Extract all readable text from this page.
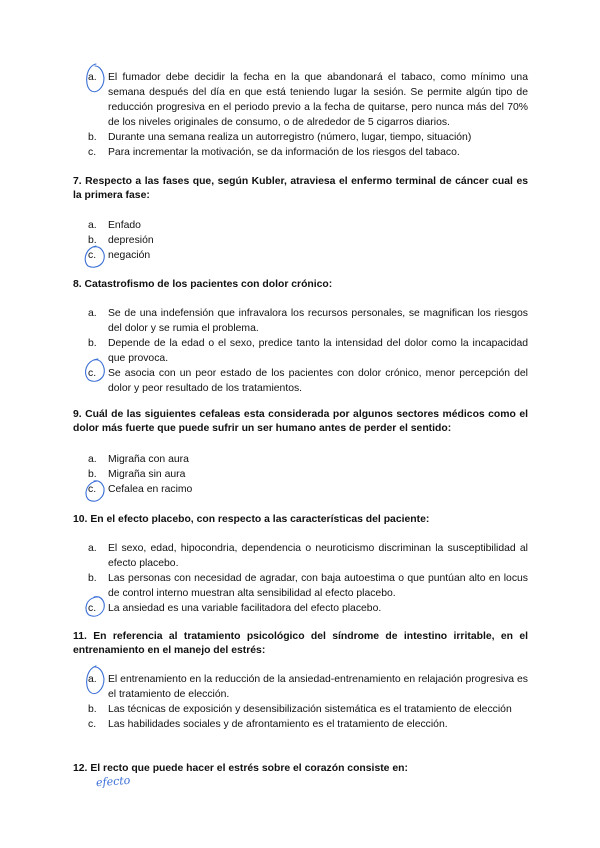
a. El fumador debe decidir la fecha en la que abandonará el tabaco, como mínimo una semana después del día en que está teniendo lugar la sesión. Se permite algún tipo de reducción progresiva en el periodo previo a la fecha de quitarse, pero nunca más del 70% de los niveles originales de consumo, o de alrededor de 5 cigarros diarios.
b. Durante una semana realiza un autorregistro (número, lugar, tiempo, situación)
c. Para incrementar la motivación, se da información de los riesgos del tabaco.
7. Respecto a las fases que, según Kubler, atraviesa el enfermo terminal de cáncer cual es la primera fase:
a. Enfado
b. depresión
c. negación
8. Catastrofismo de los pacientes con dolor crónico:
a. Se de una indefensión que infravalora los recursos personales, se magnifican los riesgos del dolor y se rumia el problema.
b. Depende de la edad o el sexo, predice tanto la intensidad del dolor como la incapacidad que provoca.
c. Se asocia con un peor estado de los pacientes con dolor crónico, menor percepción del dolor y peor resultado de los tratamientos.
9. Cuál de las siguientes cefaleas esta considerada por algunos sectores médicos como el dolor más fuerte que puede sufrir un ser humano antes de perder el sentido:
a. Migraña con aura
b. Migraña sin aura
c. Cefalea en racimo
10. En el efecto placebo, con respecto a las características del paciente:
a. El sexo, edad, hipocondria, dependencia o neuroticismo discriminan la susceptibilidad al efecto placebo.
b. Las personas con necesidad de agradar, con baja autoestima o que puntúan alto en locus de control interno muestran alta sensibilidad al efecto placebo.
c. La ansiedad es una variable facilitadora del efecto placebo.
11. En referencia al tratamiento psicológico del síndrome de intestino irritable, en el entrenamiento en el manejo del estrés:
a. El entrenamiento en la reducción de la ansiedad-entrenamiento en relajación progresiva es el tratamiento de elección.
b. Las técnicas de exposición y desensibilización sistemática es el tratamiento de elección
c. Las habilidades sociales y de afrontamiento es el tratamiento de elección.
12. El recto que puede hacer el estrés sobre el corazón consiste en:
efecto
